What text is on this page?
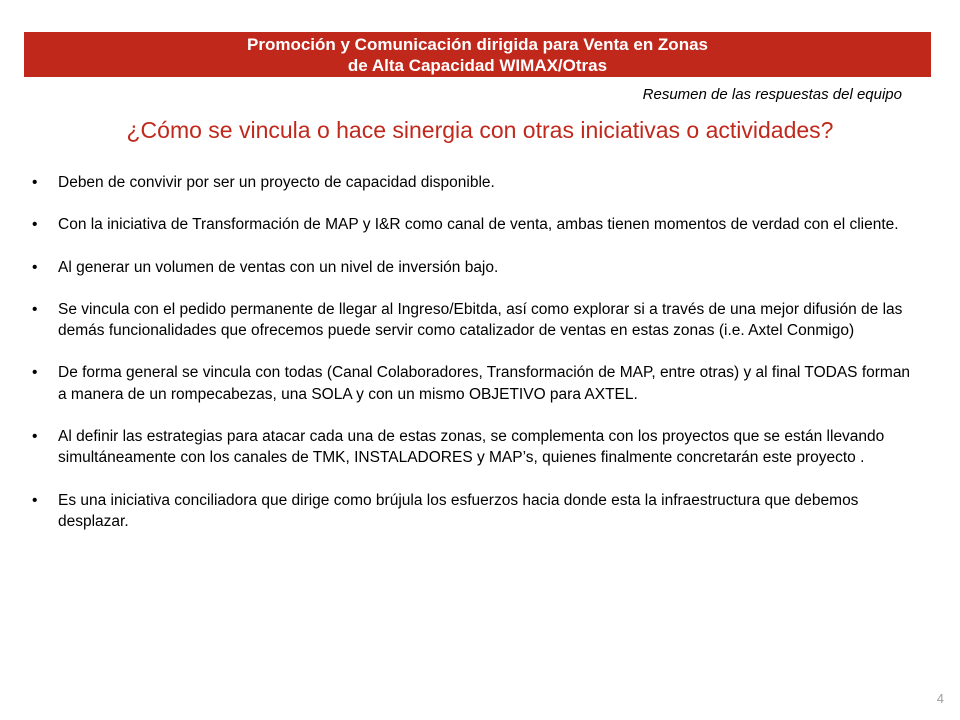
Promoción y Comunicación dirigida para Venta en Zonas
de Alta Capacidad WIMAX/Otras
Resumen de las respuestas del equipo
¿Cómo se vincula o hace sinergia con otras iniciativas o actividades?
• Deben de convivir por ser un proyecto de capacidad disponible.
• Con la iniciativa de Transformación de MAP y I&R como canal de venta, ambas tienen momentos de verdad con el cliente.
• Al generar un volumen de ventas con un nivel de inversión bajo.
• Se vincula con el pedido permanente de llegar al Ingreso/Ebitda, así como explorar si a través de una mejor difusión de las demás funcionalidades que ofrecemos puede servir como catalizador de ventas en estas zonas (i.e. Axtel Conmigo)
• De forma general se vincula con todas (Canal Colaboradores, Transformación de MAP, entre otras) y al final TODAS forman a manera de un rompecabezas, una SOLA y con un mismo OBJETIVO para AXTEL.
• Al definir las estrategias para atacar cada una de estas zonas, se complementa con los proyectos que se están llevando simultáneamente con los canales de TMK, INSTALADORES y MAP’s, quienes finalmente concretarán este proyecto .
• Es una iniciativa conciliadora que dirige como brújula los esfuerzos hacia donde esta la infraestructura que debemos desplazar.
4
